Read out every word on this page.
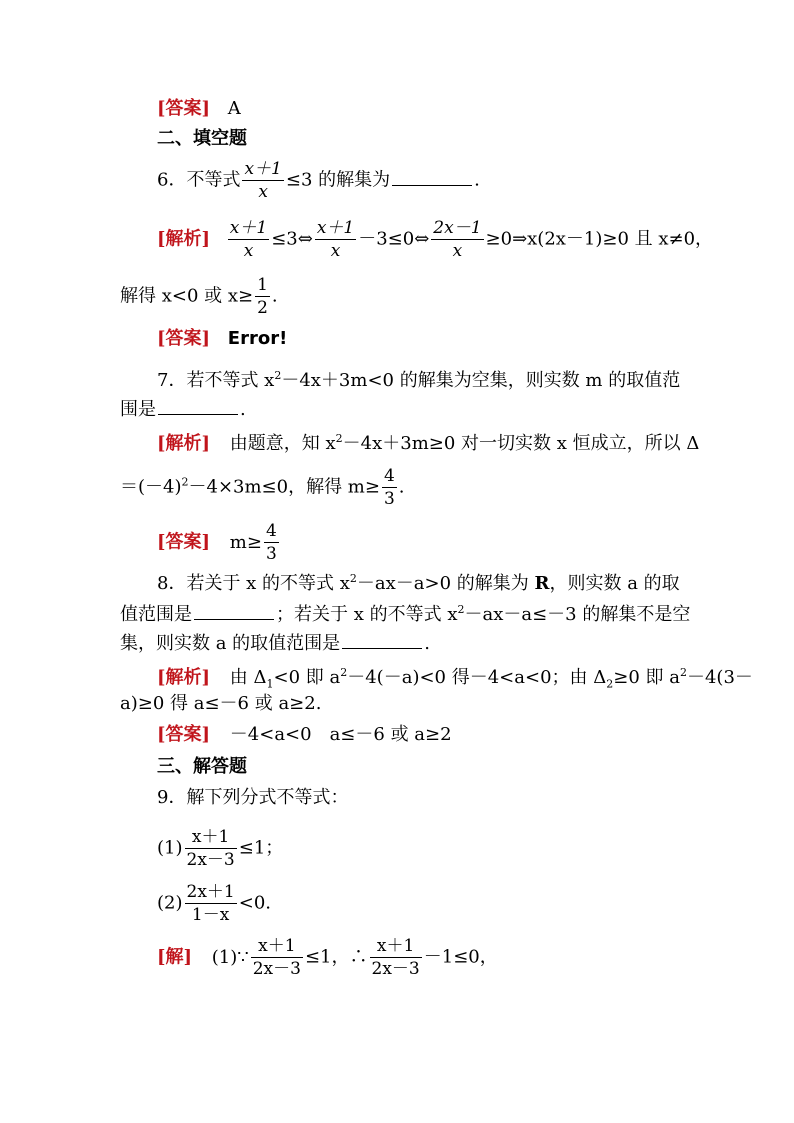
[答案] A
二、填空题
6．不等式 $\frac{x+1}{x} \le 3$ 的解集为	.
[解析] $\frac{x+1}{x}$ ≤3⇔ $\frac{x+1}{x}$ －3≤0⇔ $\frac{2x-1}{x}$ ≥0⇒x(2x－1)≥0 且 x≠0，
解得 x<0 或 $x\ge \frac{1}{2}$ .
[答案] Error!
7．若不等式 $x^2-4x+3m<0$ 的解集为空集，则实数 m 的取值范
围是	.
[解析] 由题意，知 $x^2-4x+3m\ge 0$ 对一切实数 x 恒成立，所以 Δ
$=(-4)^2-4\times 3m\le 0$，解得 $m\ge \frac{4}{3}$ .
[答案] $m\ge \frac{4}{3}$
8．若关于 x 的不等式 $x^2-ax-a>0$ 的解集为 R，则实数 a 的取
值范围是	；若关于 x 的不等式 $x^2-ax-a\le-3$ 的解集不是空
集，则实数 a 的取值范围是	.
[解析] 由 $\Delta_1<0$ 即 $a^2-4(-a)<0$ 得－4<a<0；由 $\Delta_2\ge 0$ 即 $a^2-4(3-$
a)≥0 得 a≤－6 或 a≥2.
[答案] －4<a<0　a≤－6 或 a≥2
三、解答题
9．解下列分式不等式：
$(1) \frac{x+1}{2x-3} \le 1$；
$(2) \frac{2x+1}{1-x} <0$.
[解] (1)∵ $\frac{x+1}{2x-3} \le 1$，∴ $\frac{x+1}{2x-3} -1\le 0$，
